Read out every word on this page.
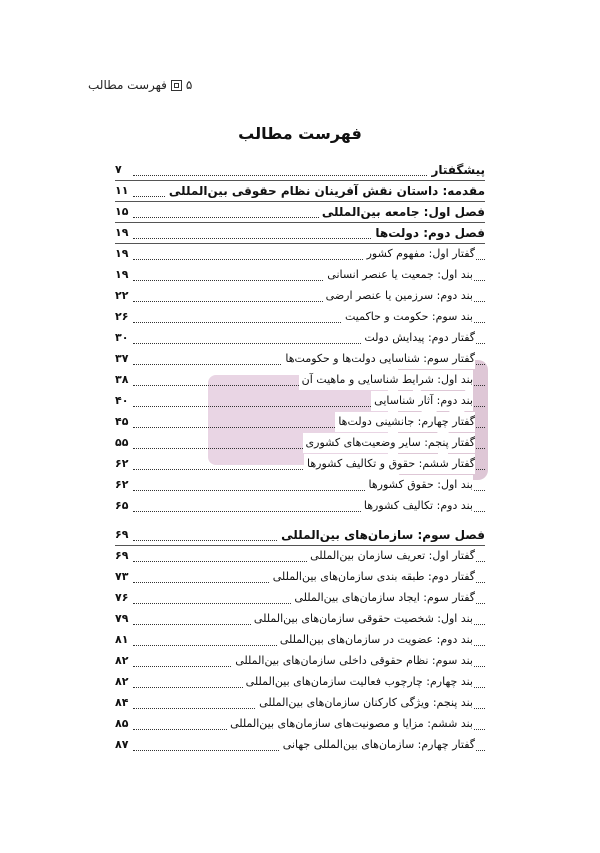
۵
فهرست مطالب
فهرست مطالب
پیشگفتار
۷
مقدمه: داستان نقش آفرینان نظام حقوقی بین‌المللی
۱۱
فصل اول: جامعه بین‌المللی
۱۵
فصل دوم: دولت‌ها
۱۹
گفتار اول: مفهوم کشور
۱۹
بند اول: جمعیت یا عنصر انسانی
۱۹
بند دوم: سرزمین یا عنصر ارضی
۲۲
بند سوم: حکومت و حاکمیت
۲۶
گفتار دوم: پیدایش دولت
۳۰
گفتار سوم: شناسایی دولت‌ها و حکومت‌ها
۳۷
بند اول: شرایط شناسایی و ماهیت آن
۳۸
بند دوم: آثار شناسایی
۴۰
گفتار چهارم: جانشینی دولت‌ها
۴۵
گفتار پنجم: سایر وضعیت‌های کشوری
۵۵
گفتار ششم: حقوق و تکالیف کشورها
۶۲
بند اول: حقوق کشورها
۶۲
بند دوم: تکالیف کشورها
۶۵
فصل سوم: سازمان‌های بین‌المللی
۶۹
گفتار اول: تعریف سازمان بین‌المللی
۶۹
گفتار دوم: طبقه بندی سازمان‌های بین‌المللی
۷۳
گفتار سوم: ایجاد سازمان‌های بین‌المللی
۷۶
بند اول: شخصیت حقوقی سازمان‌های بین‌المللی
۷۹
بند دوم: عضویت در سازمان‌های بین‌المللی
۸۱
بند سوم: نظام حقوقی داخلی سازمان‌های بین‌المللی
۸۲
بند چهارم: چارچوب فعالیت سازمان‌های بین‌المللی
۸۲
بند پنجم: ویژگی کارکنان سازمان‌های بین‌المللی
۸۴
بند ششم: مزایا و مصونیت‌های سازمان‌های بین‌المللی
۸۵
گفتار چهارم: سازمان‌های بین‌المللی جهانی
۸۷
